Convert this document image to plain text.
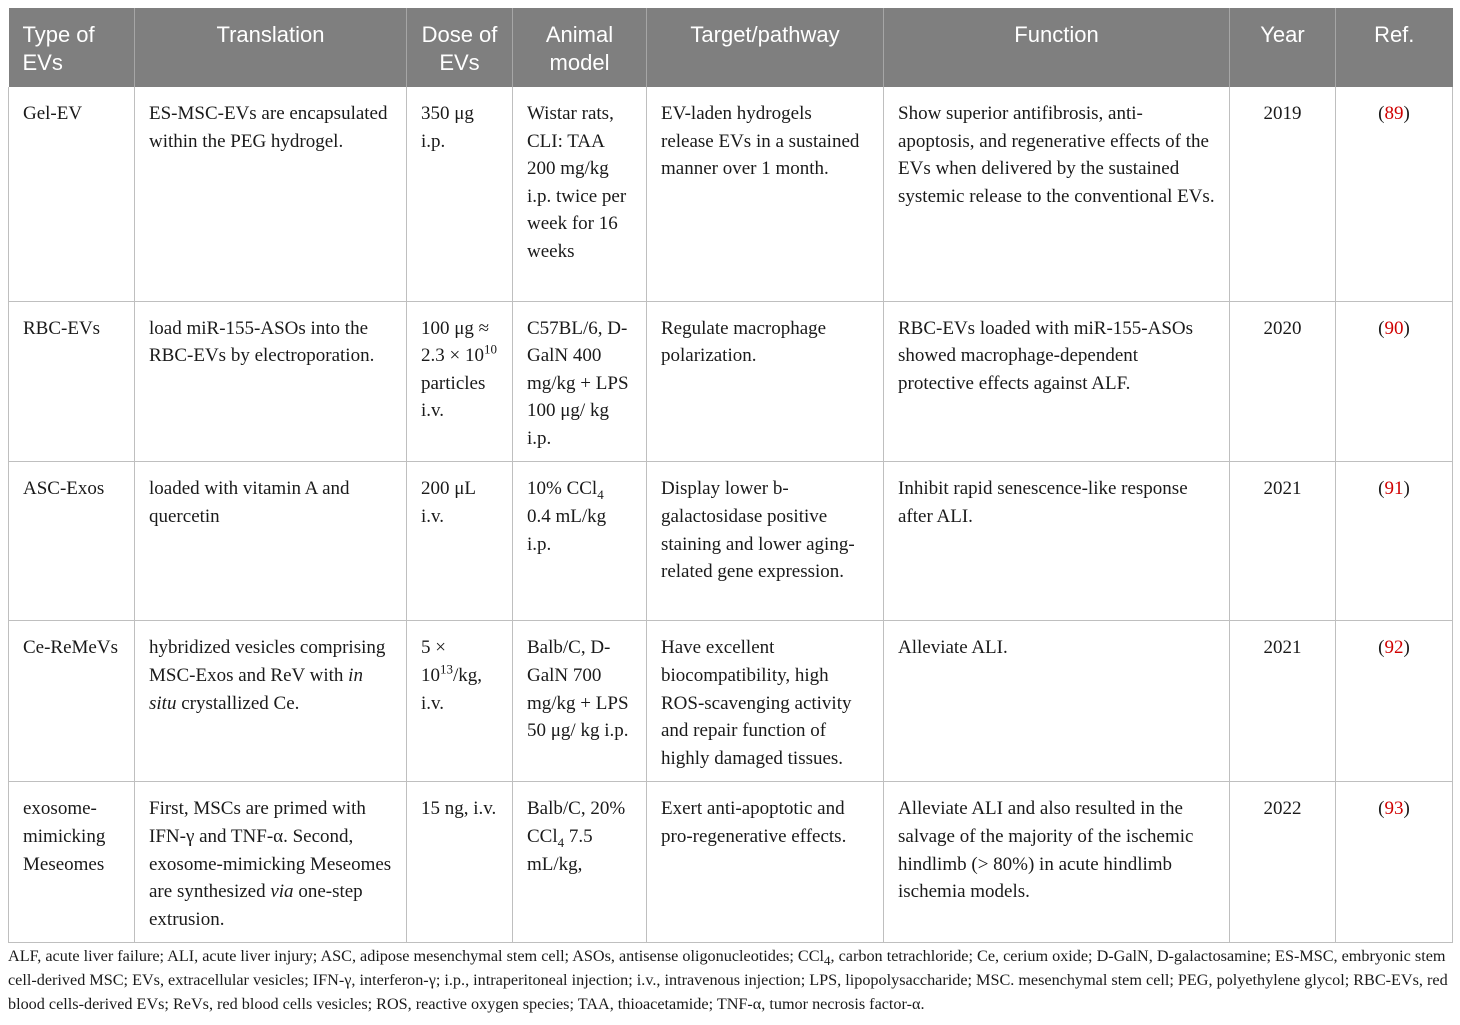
Type of EVs	Translation	Dose of EVs	Animal model	Target/pathway	Function	Year	Ref.
Gel-EV	ES-MSC-EVs are encapsulated within the PEG hydrogel.	350 μg i.p.	Wistar rats, CLI: TAA 200 mg/kg i.p. twice per week for 16 weeks	EV-laden hydrogels release EVs in a sustained manner over 1 month.	Show superior antifibrosis, anti-apoptosis, and regenerative effects of the EVs when delivered by the sustained systemic release to the conventional EVs.	2019	(89)
RBC-EVs	load miR-155-ASOs into the RBC-EVs by electroporation.	100 $\mu g \approx 2.3 \times 10^{10}$ particles i.v.	C57BL/6, D-GalN 400 mg/kg + LPS 100 μg/ kg i.p.	Regulate macrophage polarization.	RBC-EVs loaded with miR-155-ASOs showed macrophage-dependent protective effects against ALF.	2020	(90)
ASC-Exos	loaded with vitamin A and quercetin	200 μL i.v.	10% CCl$_4$ 0.4 mL/kg i.p.	Display lower b-galactosidase positive staining and lower aging-related gene expression.	Inhibit rapid senescence-like response after ALI.	2021	(91)
Ce-ReMeVs	hybridized vesicles comprising MSC-Exos and ReV with in situ crystallized Ce.	$5 \times 10^{13}/kg$, i.v.	Balb/C, D-GalN 700 mg/kg + LPS 50 μg/ kg i.p.	Have excellent biocompatibility, high ROS-scavenging activity and repair function of highly damaged tissues.	Alleviate ALI.	2021	(92)
exosome-mimicking Meseomes	First, MSCs are primed with IFN-γ and TNF-α. Second, exosome-mimicking Meseomes are synthesized via one-step extrusion.	15 ng, i.v.	Balb/C, 20% CCl$_4$ 7.5 mL/kg,	Exert anti-apoptotic and pro-regenerative effects.	Alleviate ALI and also resulted in the salvage of the majority of the ischemic hindlimb (> 80%) in acute hindlimb ischemia models.	2022	(93)
ALF, acute liver failure; ALI, acute liver injury; ASC, adipose mesenchymal stem cell; ASOs, antisense oligonucleotides; CCl$_4$, carbon tetrachloride; Ce, cerium oxide; D-GalN, D-galactosamine; ES-MSC, embryonic stem cell-derived MSC; EVs, extracellular vesicles; IFN-γ, interferon-γ; i.p., intraperitoneal injection; i.v., intravenous injection; LPS, lipopolysaccharide; MSC. mesenchymal stem cell; PEG, polyethylene glycol; RBC-EVs, red blood cells-derived EVs; ReVs, red blood cells vesicles; ROS, reactive oxygen species; TAA, thioacetamide; TNF-α, tumor necrosis factor-α.
